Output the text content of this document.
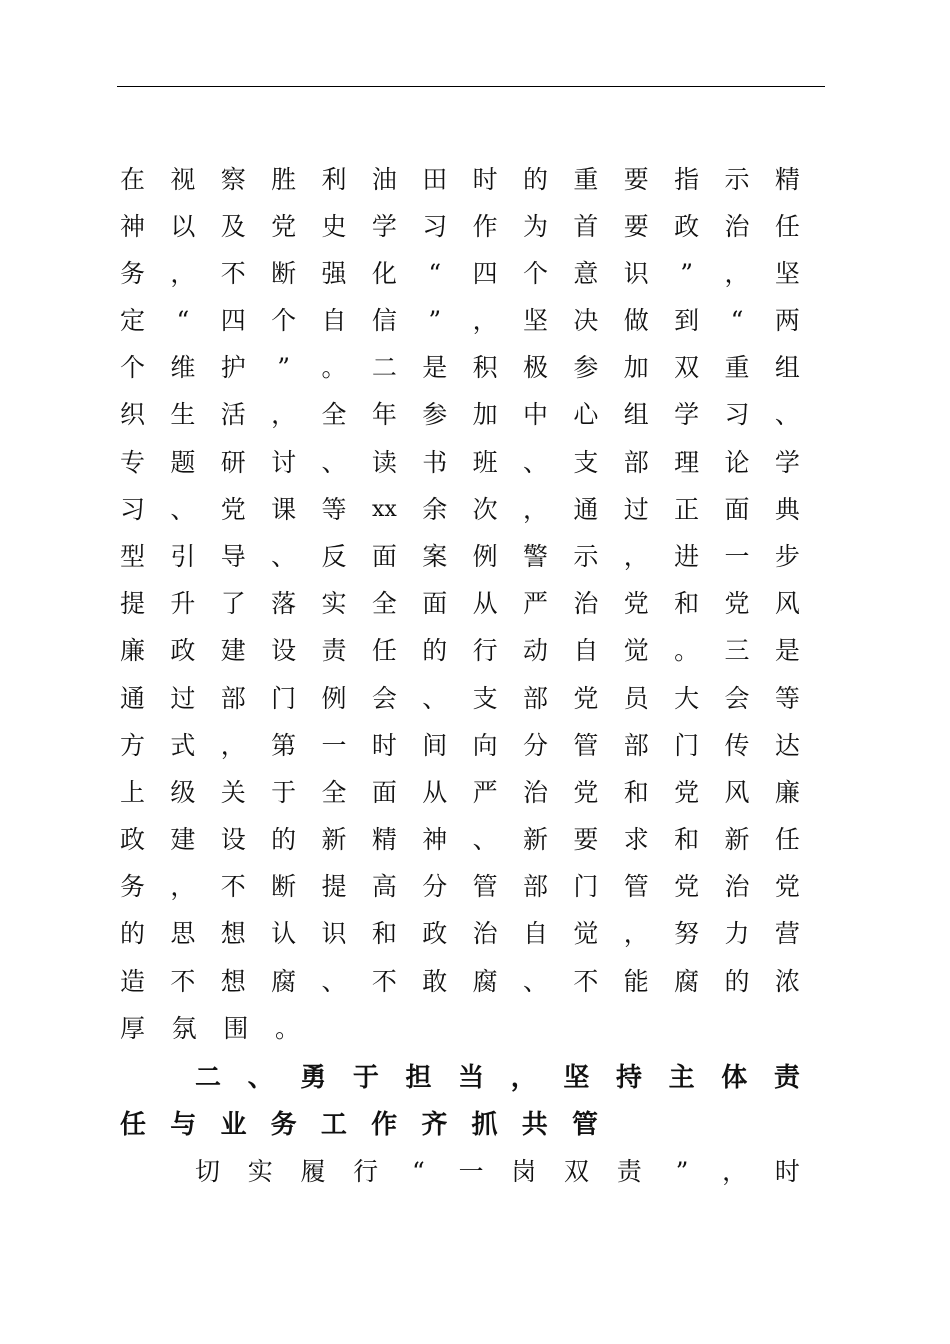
在 视 察 胜 利 油 田 时 的 重 要 指 示 精
神 以 及 党 史 学 习 作 为 首 要 政 治 任
务 ， 不 断 强 化 “ 四 个 意 识 ” ， 坚
定 “ 四 个 自 信 ” ， 坚 决 做 到 “ 两
个 维 护 ” 。 二 是 积 极 参 加 双 重 组
织 生 活 ， 全 年 参 加 中 心 组 学 习 、
专 题 研 讨 、 读 书 班 、 支 部 理 论 学
习 、 党 课 等 xx 余 次 ， 通 过 正 面 典
型 引 导 、 反 面 案 例 警 示 ， 进 一 步
提 升 了 落 实 全 面 从 严 治 党 和 党 风
廉 政 建 设 责 任 的 行 动 自 觉 。 三 是
通 过 部 门 例 会 、 支 部 党 员 大 会 等
方 式 ， 第 一 时 间 向 分 管 部 门 传 达
上 级 关 于 全 面 从 严 治 党 和 党 风 廉
政 建 设 的 新 精 神 、 新 要 求 和 新 任
务 ， 不 断 提 高 分 管 部 门 管 党 治 党
的 思 想 认 识 和 政 治 自 觉 ， 努 力 营
造 不 想 腐 、 不 敢 腐 、 不 能 腐 的 浓
厚 氛 围 。
二 、 勇 于 担 当 ， 坚 持 主 体 责
任 与 业 务 工 作 齐 抓 共 管
切 实 履 行 “ 一 岗 双 责 ” ， 时
